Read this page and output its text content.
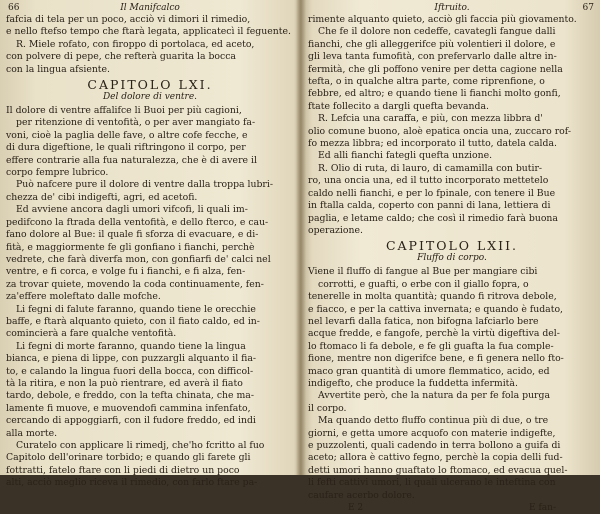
66	Il Manifcalco
fafcia di tela per un poco, acciò vi dimori il rimedio,
e nello ftefso tempo che ftarà legata, applicatecì il feguente.
R. Miele rofato, con firoppo di portolaca, ed aceto,
con polvere di pepe, che refterà guarita la bocca
con la lingua afsiente.
CAPITOLO LXI.
Del dolore di ventre.
Il dolore di ventre affalifce li Buoi per più cagioni,
per ritenzione di ventofità, o per aver mangiato fa-
voni, cioè la paglia delle fave, o altre cofe fecche, e
di dura digeftione, le quali riftringono il corpo, per
effere contrarie alla fua naturalezza, che è di avere il
corpo fempre lubrico.
Può nafcere pure il dolore di ventre dalla troppa lubri-
chezza de' cibi indigefti, agri, ed acetofi.
Ed avviene ancora dagli umori vifcofi, li quali im-
pedifcono la ftrada della ventofità, e dello fterco, e cau-
fano dolore al Bue: il quale fi sforza di evacuare, e di-
fità, e maggiormente fe gli gonfiano i fianchi, perchè
vedrete, che farà diverfa mon, con gonfiarfi de' calci nel
ventre, e fi corca, e volge fu i fianchi, e fi alza, fen-
za trovar quiete, movendo la coda continuamente, fen-
za'effere moleftato dalle mofche.
Li fegni di falute faranno, quando tiene le orecchie
baffe, e ftarà alquanto quieto, con il fiato caldo, ed in-
comincierà a fare qualche ventofità.
Li fegni di morte faranno, quando tiene la lingua
bianca, e piena di lippe, con puzzargli alquanto il fia-
to, e calando la lingua fuori della bocca, con difficol-
tà la ritira, e non la può rientrare, ed averà il fiato
tardo, debole, e freddo, con la tefta chinata, che ma-
lamente fi muove, e muovendofi cammina infenfato,
cercando di appoggiarfi, con il fudore freddo, ed indi
alla morte.
Curatelo con applicare li rimedj, che'ho fcritto al fuo
Capitolo dell'orinare torbido; e quando gli farete gli
fottratti, fatelo ftare con li piedi di dietro un poco
alti, acciò meglio riceva il rimedio, con farlo ftare pa-
Iftruito.	67
rimente alquanto quieto, acciò gli faccia più giovamento.
Che fe il dolore non cedeffe, cavategli fangue dalli
fianchi, che gli alleggerifce più volentieri il dolore, e
gli leva tanta fumofità, con prefervarlo dalle altre in-
fermità, che gli poffono venire per detta cagione nella
tefta, o in qualche altra parte, come riprenfione, o
febbre, ed altro; e quando tiene li fianchi molto gonfi,
ftate follecito a dargli quefta bevanda.
R. Lefcia una caraffa, e più, con mezza libbra d'
olio comune buono, aloè epatica oncia una, zuccaro rof-
fo mezza libbra; ed incorporato il tutto, datela calda.
Ed alli fianchi fategli quefta unzione.
R. Olio di ruta, di lauro, di camamilla con butir-
ro, una oncia una, ed il tutto incorporato mettetelo
caldo nelli fianchi, e per lo fpinale, con tenere il Bue
in ftalla calda, coperto con panni di lana, lettiera di
paglia, e letame caldo; che così il rimedio farà buona
operazione.
CAPITOLO LXII.
Fluffo di corpo.
Viene il fluffo di fangue al Bue per mangiare cibi
corrotti, e guafti, o erbe con il giallo fopra, o
tenerelle in molta quantità; quando fi ritrova debole,
e fiacco, e per la cattiva invernata; e quando è fudato,
nel levarfi dalla fatica, non bifogna lafciarlo bere
acque fredde, e fangofe, perchè la virtù digeftiva del-
lo ftomaco li fa debole, e fe gli guafta la fua comple-
fione, mentre non digerifce bene, e fi genera nello fto-
maco gran quantità di umore flemmatico, acido, ed
indigefto, che produce la fuddetta infermità.
Avvertite però, che la natura da per fe fola purga
il corpo.
Ma quando detto fluffo continua più di due, o tre
giorni, e getta umore acquofo con materie indigefte,
e puzzolenti, quali cadendo in terra bollono a guifa di
aceto; allora è cattivo fegno, perchè la copia delli fud-
detti umori hanno guaftato lo ftomaco, ed evacua quel-
li fefti cattivi umori, li quali ulcerano le inteftina con
caufare acerbo dolore.
E 2	E fan-
